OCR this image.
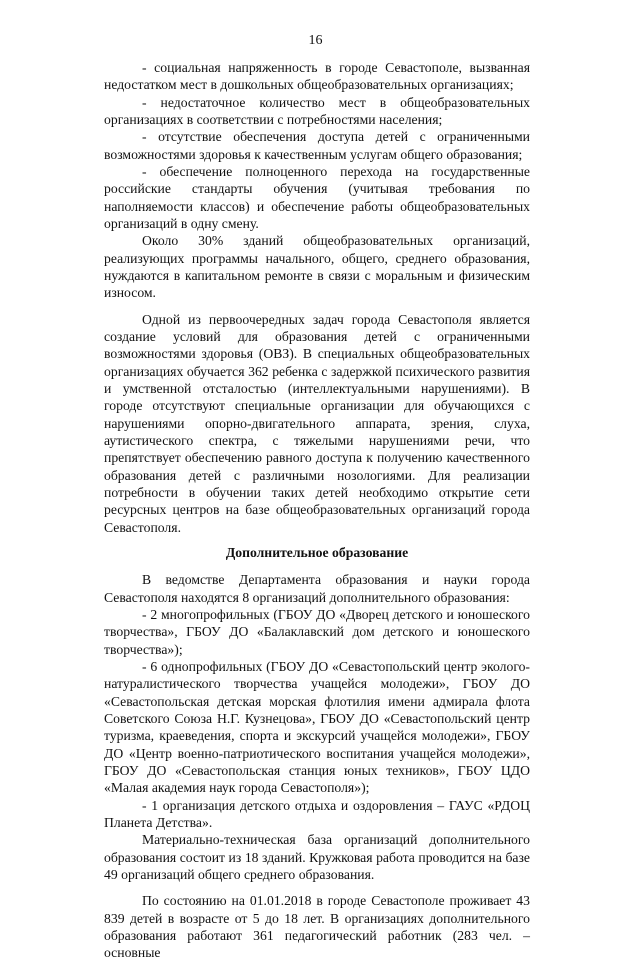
16

- социальная напряженность в городе Севастополе, вызванная недостатком мест в дошкольных общеобразовательных организациях;

- недостаточное количество мест в общеобразовательных организациях в соответствии с потребностями населения;

- отсутствие обеспечения доступа детей с ограниченными возможностями здоровья к качественным услугам общего образования;

- обеспечение полноценного перехода на государственные российские стандарты обучения (учитывая требования по наполняемости классов) и обеспечение работы общеобразовательных организаций в одну смену.

Около 30% зданий общеобразовательных организаций, реализующих программы начального, общего, среднего образования, нуждаются в капитальном ремонте в связи с моральным и физическим износом.

Одной из первоочередных задач города Севастополя является создание условий для образования детей с ограниченными возможностями здоровья (ОВЗ). В специальных общеобразовательных организациях обучается 362 ребенка с задержкой психического развития и умственной отсталостью (интеллектуальными нарушениями). В городе отсутствуют специальные организации для обучающихся с нарушениями опорно-двигательного аппарата, зрения, слуха, аутистического спектра, с тяжелыми нарушениями речи, что препятствует обеспечению равного доступа к получению качественного образования детей с различными нозологиями. Для реализации потребности в обучении таких детей необходимо открытие сети ресурсных центров на базе общеобразовательных организаций города Севастополя.

Дополнительное образование

В ведомстве Департамента образования и науки города Севастополя находятся 8 организаций дополнительного образования:

- 2 многопрофильных (ГБОУ ДО «Дворец детского и юношеского творчества», ГБОУ ДО «Балаклавский дом детского и юношеского творчества»);

- 6 однопрофильных (ГБОУ ДО «Севастопольский центр эколого-натуралистического творчества учащейся молодежи», ГБОУ ДО «Севастопольская детская морская флотилия имени адмирала флота Советского Союза Н.Г. Кузнецова», ГБОУ ДО «Севастопольский центр туризма, краеведения, спорта и экскурсий учащейся молодежи», ГБОУ ДО «Центр военно-патриотического воспитания учащейся молодежи», ГБОУ ДО «Севастопольская станция юных техников», ГБОУ ЦДО «Малая академия наук города Севастополя»);

- 1 организация детского отдыха и оздоровления – ГАУС «РДОЦ Планета Детства».

Материально-техническая база организаций дополнительного образования состоит из 18 зданий. Кружковая работа проводится на базе 49 организаций общего среднего образования.

По состоянию на 01.01.2018 в городе Севастополе проживает 43 839 детей в возрасте от 5 до 18 лет. В организациях дополнительного образования работают 361 педагогический работник (283 чел. – основные
